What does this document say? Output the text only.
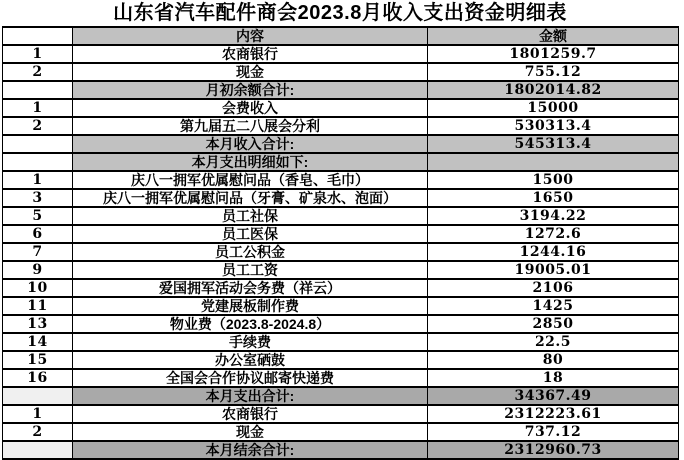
山东省汽车配件商会2023.8月收入支出资金明细表
	内容	金额
1	农商银行	1801259.7
2	现金	755.12
	月初余额合计:	1802014.82
1	会费收入	15000
2	第九届五二八展会分利	530313.4
	本月收入合计:	545313.4
	本月支出明细如下:	
1	庆八一拥军优属慰问品（香皂、毛巾）	1500
3	庆八一拥军优属慰问品（牙膏、矿泉水、泡面）	1650
5	员工社保	3194.22
6	员工医保	1272.6
7	员工公积金	1244.16
9	员工工资	19005.01
10	爱国拥军活动会务费（祥云）	2106
11	党建展板制作费	1425
13	物业费（2023.8-2024.8）	2850
14	手续费	22.5
15	办公室硒鼓	80
16	全国会合作协议邮寄快递费	18
	本月支出合计:	34367.49
1	农商银行	2312223.61
2	现金	737.12
	本月结余合计:	2312960.73
